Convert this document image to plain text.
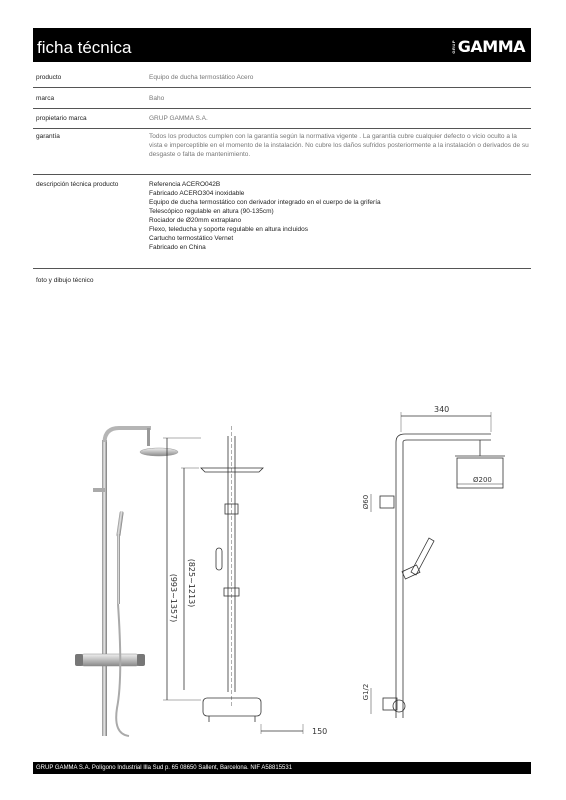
ficha técnica	GRUP GAMMA
producto	Equipo de ducha termostático Acero
marca	Baho
propietario marca	GRUP GAMMA S.A.
garantía	Todos los productos cumplen con la garantía según la normativa vigente . La garantía cubre cualquier defecto o vicio oculto a la vista e imperceptible en el momento de la instalación. No cubre los daños sufridos posteriormente a la instalación o derivados de su desgaste o falta de mantenimiento.
descripción técnica producto	Referencia ACERO042B
Fabricado ACERO304 inoxidable
Equipo de ducha termostático con derivador integrado en el cuerpo de la grifería
Telescópico regulable en altura (90-135cm)
Rociador de Ø20mm extraplano
Flexo, teleducha y soporte regulable en altura incluidos
Cartucho termostático Vernet
Fabricado en China
foto y dibujo técnico
(993~1357) (825~1213)
150
340
Ø200
Ø60
G1/2
GRUP GAMMA S.A. Polígono Industrial Illa Sud p. 65 08650 Sallent, Barcelona. NIF A58815531
